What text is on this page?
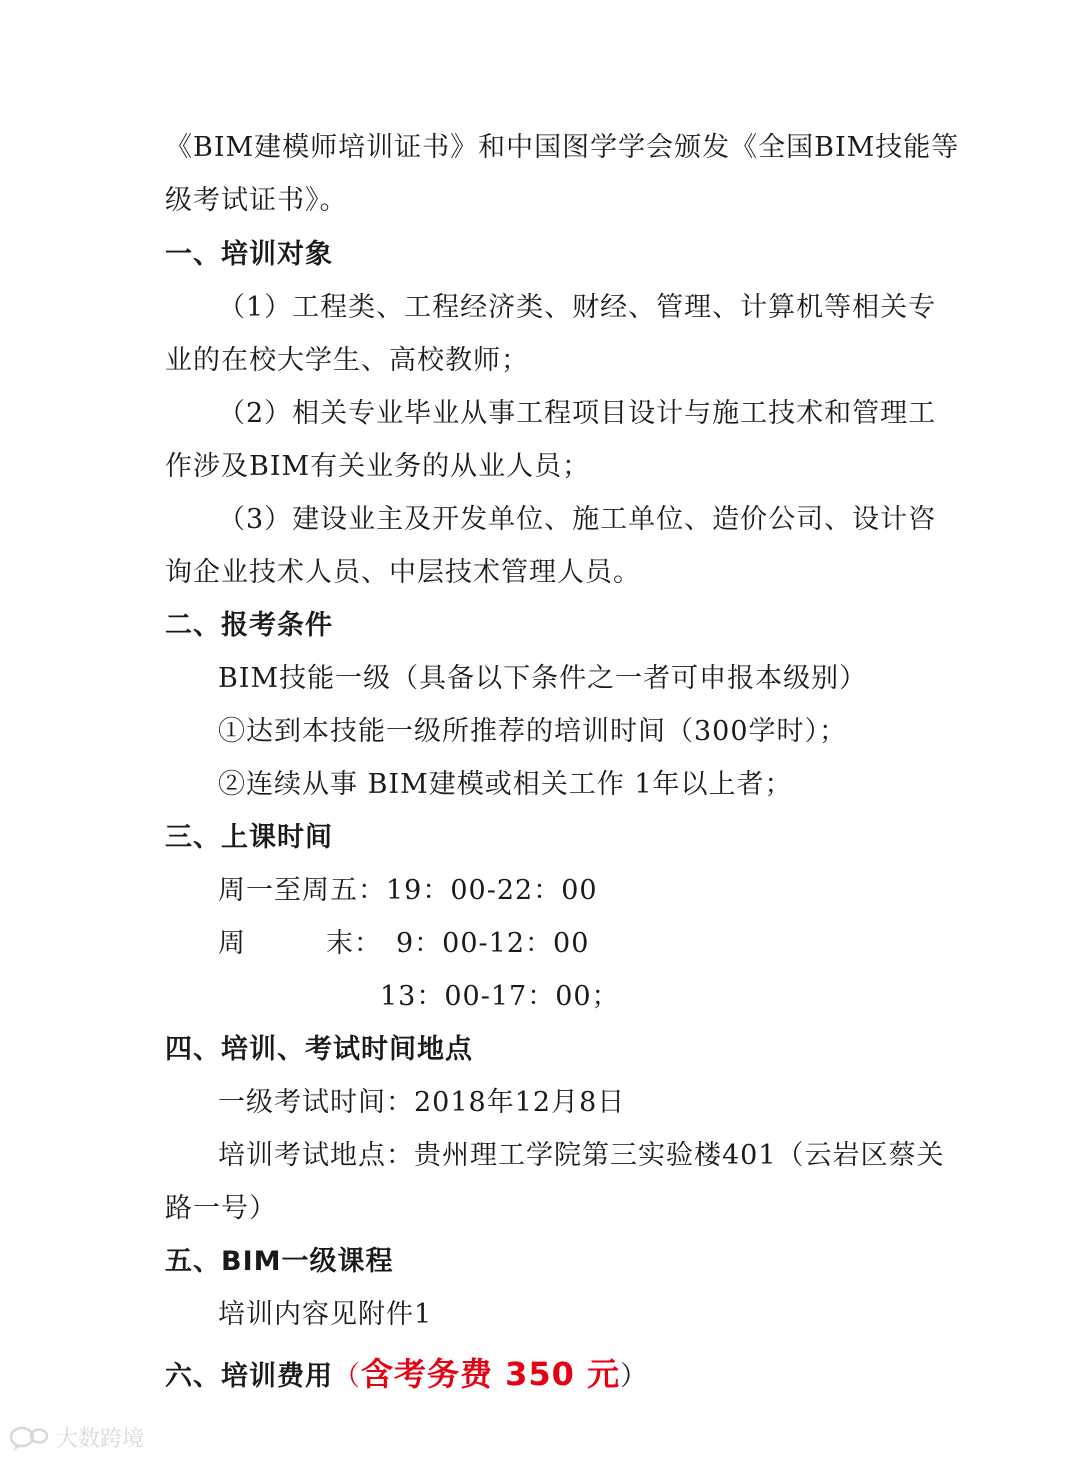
《BIM建模师培训证书》和中国图学学会颁发《全国BIM技能等
级考试证书》。
一、培训对象
（1）工程类、工程经济类、财经、管理、计算机等相关专
业的在校大学生、高校教师；
（2）相关专业毕业从事工程项目设计与施工技术和管理工
作涉及BIM有关业务的从业人员；
（3）建设业主及开发单位、施工单位、造价公司、设计咨
询企业技术人员、中层技术管理人员。
二、报考条件
BIM技能一级（具备以下条件之一者可申报本级别）
①达到本技能一级所推荐的培训时间（300学时）；
②连续从事 BIM建模或相关工作 1年以上者；
三、上课时间
周一至周五：19：00-22：00
周	末： 9：00-12：00
13：00-17：00；
四、培训、考试时间地点
一级考试时间：2018年12月8日
培训考试地点：贵州理工学院第三实验楼401（云岩区蔡关
路一号）
五、BIM一级课程
培训内容见附件1
六、培训费用（含考务费 350 元）
大数跨境
